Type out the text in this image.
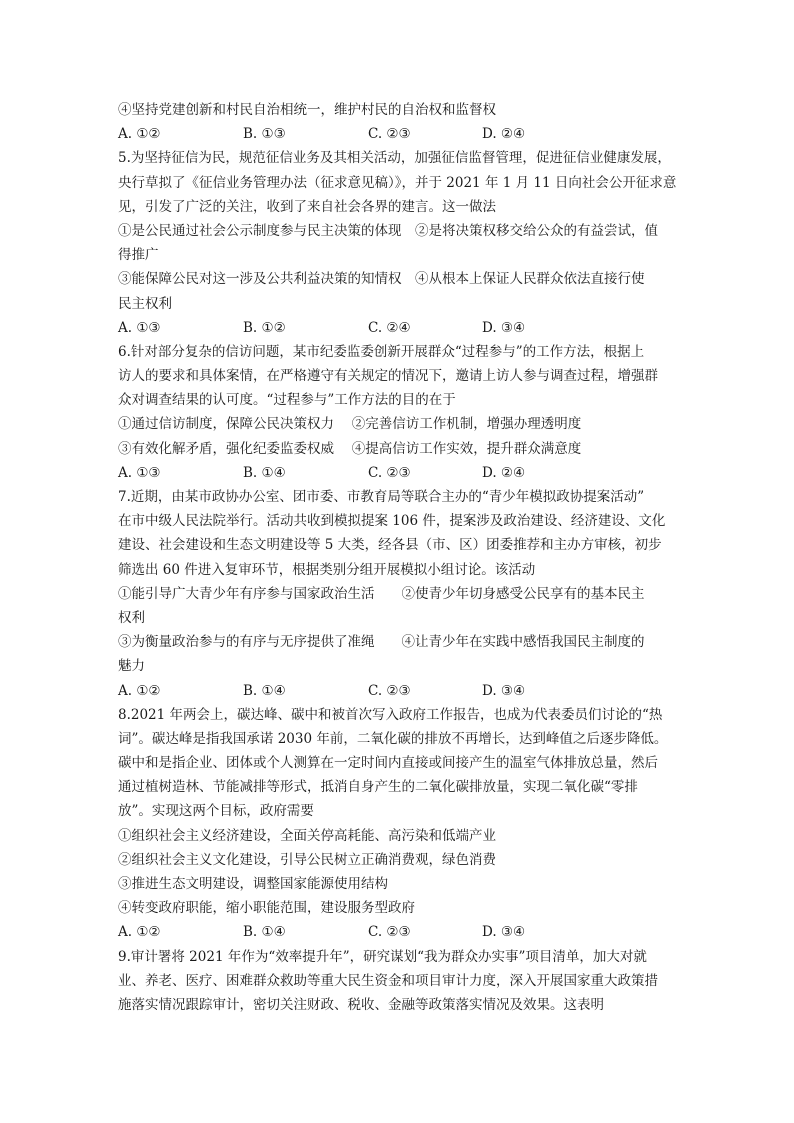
④坚持党建创新和村民自治相统一，维护村民的自治权和监督权
A. ①②	B. ①③	C. ②③	D. ②④
5.为坚持征信为民，规范征信业务及其相关活动，加强征信监督管理，促进征信业健康发展，
央行草拟了《征信业务管理办法（征求意见稿）》，并于 2021 年 1 月 11 日向社会公开征求意
见，引发了广泛的关注，收到了来自社会各界的建言。这一做法
①是公民通过社会公示制度参与民主决策的体现　②是将决策权移交给公众的有益尝试，值
得推广
③能保障公民对这一涉及公共利益决策的知情权　④从根本上保证人民群众依法直接行使
民主权利
A. ①③	B. ①②	C. ②④	D. ③④
6.针对部分复杂的信访问题，某市纪委监委创新开展群众“过程参与”的工作方法，根据上
访人的要求和具体案情，在严格遵守有关规定的情况下，邀请上访人参与调查过程，增强群
众对调查结果的认可度。“过程参与”工作方法的目的在于
①通过信访制度，保障公民决策权力　 ②完善信访工作机制，增强办理透明度
③有效化解矛盾，强化纪委监委权威　 ④提高信访工作实效，提升群众满意度
A. ①③	B. ①④	C. ②③	D. ②④
7.近期，由某市政协办公室、团市委、市教育局等联合主办的“青少年模拟政协提案活动”
在市中级人民法院举行。活动共收到模拟提案 106 件，提案涉及政治建设、经济建设、文化
建设、社会建设和生态文明建设等 5 大类，经各县（市、区）团委推荐和主办方审核，初步
筛选出 60 件进入复审环节，根据类别分组开展模拟小组讨论。该活动
①能引导广大青少年有序参与国家政治生活　　②使青少年切身感受公民享有的基本民主
权利
③为衡量政治参与的有序与无序提供了准绳　　④让青少年在实践中感悟我国民主制度的
魅力
A. ①②	B. ①④	C. ②③	D. ③④
8.2021 年两会上，碳达峰、碳中和被首次写入政府工作报告，也成为代表委员们讨论的“热
词”。碳达峰是指我国承诺 2030 年前，二氧化碳的排放不再增长，达到峰值之后逐步降低。
碳中和是指企业、团体或个人测算在一定时间内直接或间接产生的温室气体排放总量，然后
通过植树造林、节能减排等形式，抵消自身产生的二氧化碳排放量，实现二氧化碳“零排
放”。实现这两个目标，政府需要
①组织社会主义经济建设，全面关停高耗能、高污染和低端产业
②组织社会主义文化建设，引导公民树立正确消费观，绿色消费
③推进生态文明建设，调整国家能源使用结构
④转变政府职能，缩小职能范围，建设服务型政府
A. ①②	B. ①④	C. ②③	D. ③④
9.审计署将 2021 年作为“效率提升年”，研究谋划“我为群众办实事”项目清单，加大对就
业、养老、医疗、困难群众救助等重大民生资金和项目审计力度，深入开展国家重大政策措
施落实情况跟踪审计，密切关注财政、税收、金融等政策落实情况及效果。这表明
